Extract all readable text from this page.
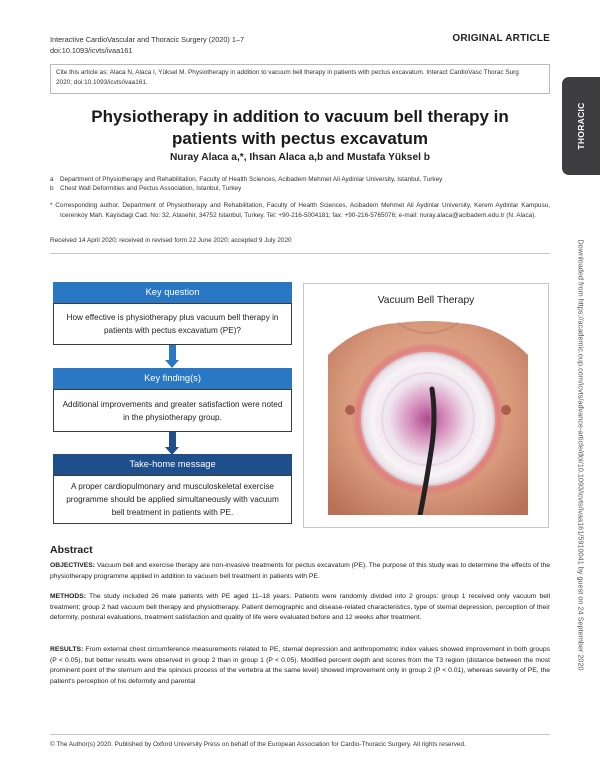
Interactive CardioVascular and Thoracic Surgery (2020) 1–7
doi:10.1093/icvts/ivaa161
ORIGINAL ARTICLE
Cite this article as: Alaca N, Alaca I, Yüksel M. Physiotherapy in addition to vacuum bell therapy in patients with pectus excavatum. Interact CardioVasc Thorac Surg
2020; doi:10.1093/icvts/ivaa161.
THORACIC
Downloaded from https://academic.oup.com/icvts/advance-article/doi/10.1093/icvts/ivaa161/5910041 by guest on 24 September 2020
Physiotherapy in addition to vacuum bell therapy in
patients with pectus excavatum
Nuray Alaca a,*, Ihsan Alaca a,b and Mustafa Yüksel b
a Department of Physiotherapy and Rehabilitation, Faculty of Health Sciences, Acibadem Mehmet Ali Aydinlar University, Istanbul, Turkey
b Chest Wall Deformities and Pectus Association, Istanbul, Turkey
* Corresponding author. Department of Physiotherapy and Rehabilitation, Faculty of Health Sciences, Acibadem Mehmet Ali Aydinlar University, Kerem Aydinlar Kampusu, Icerenkoy Mah. Kayisdagi Cad. No: 32, Atasehir, 34752 Istanbul, Turkey. Tel: +90-216-5004181; fax: +90-216-5765076; e-mail: nuray.alaca@acibadem.edu.tr (N. Alaca).
Received 14 April 2020; received in revised form 22 June 2020; accepted 9 July 2020
Key question
How effective is physiotherapy plus vacuum bell therapy in patients with pectus excavatum (PE)?
Key finding(s)
Additional improvements and greater satisfaction were noted in the physiotherapy group.
Take-home message
A proper cardiopulmonary and musculoskeletal exercise programme should be applied simultaneously with vacuum bell treatment in patients with PE.
Vacuum Bell Therapy
Abstract
OBJECTIVES: Vacuum bell and exercise therapy are non-invasive treatments for pectus excavatum (PE). The purpose of this study was to determine the effects of the physiotherapy programme applied in addition to vacuum bell treatment in patients with PE.
METHODS: The study included 26 male patients with PE aged 11–18 years. Patients were randomly divided into 2 groups: group 1 received only vacuum bell treatment; group 2 had vacuum bell therapy and physiotherapy. Patient demographic and disease-related characteristics, type of sternal depression, perception of their deformity, postural evaluations, treatment satisfaction and quality of life were evaluated before and 12 weeks after treatment.
RESULTS: From external chest circumference measurements related to PE, sternal depression and anthropometric index values showed improvement in both groups (P < 0.05), but better results were observed in group 2 than in group 1 (P < 0.05). Modified percent depth and scores from the T3 region (distance between the most prominent point of the sternum and the spinous process of the vertebra at the same level) showed improvement only in group 2 (P < 0.01), whereas severity of PE, the patient's perception of his deformity and parental
© The Author(s) 2020. Published by Oxford University Press on behalf of the European Association for Cardio-Thoracic Surgery. All rights reserved.
